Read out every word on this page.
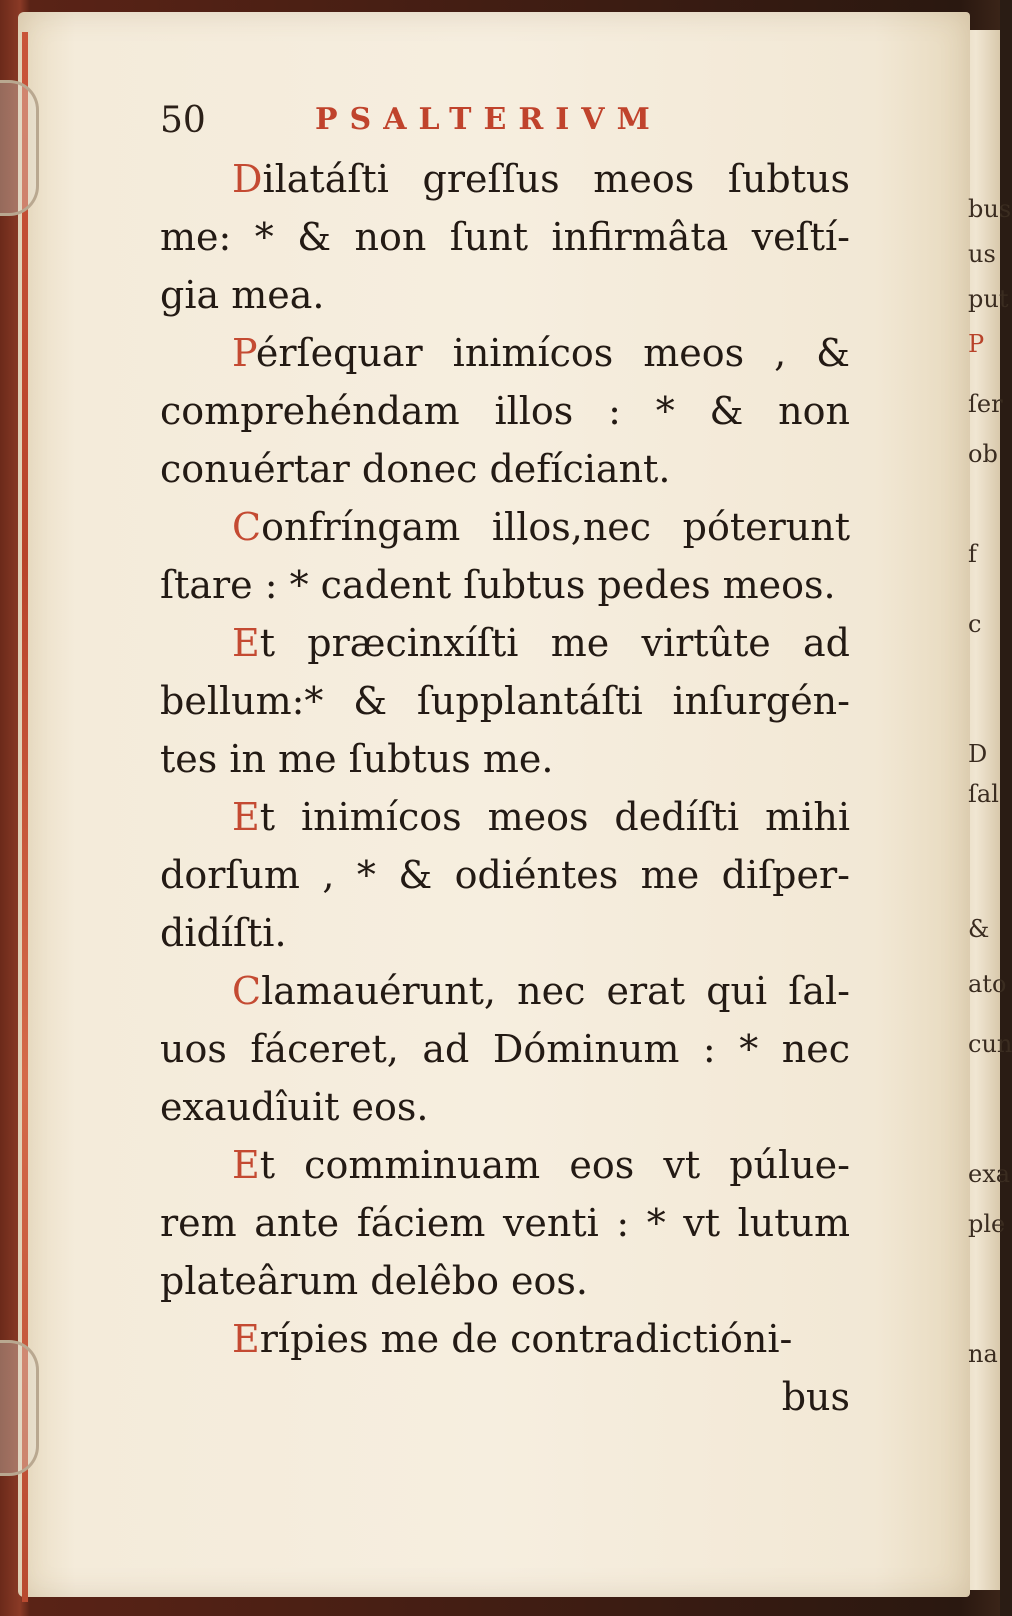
50	PSALTERIVM
Dilatáſti greſſus meos ſubtus
me: * & non ſunt infirmâta veſtí-
gia mea.
Pérſequar inimícos meos , &
comprehéndam illos : * & non
conuértar donec defíciant.
Confríngam illos,nec póterunt
ſtare : * cadent ſubtus pedes meos.
Et præcinxíſti me virtûte ad
bellum:* & ſupplantáſti inſurgén-
tes in me ſubtus me.
Et inimícos meos dedíſti mihi
dorſum , * & odiéntes me diſper-
didíſti.
Clamauérunt, nec erat qui ſal-
uos fáceret, ad Dóminum : * nec
exaudîuit eos.
Et comminuam eos vt púlue-
rem ante fáciem venti : * vt lutum
plateârum delêbo eos.
Erípies me de contradictióni-
bus
bus
us
put
P
ſer
ob
f
c
D
ſal
&
ato
cun
exa
ple
na
